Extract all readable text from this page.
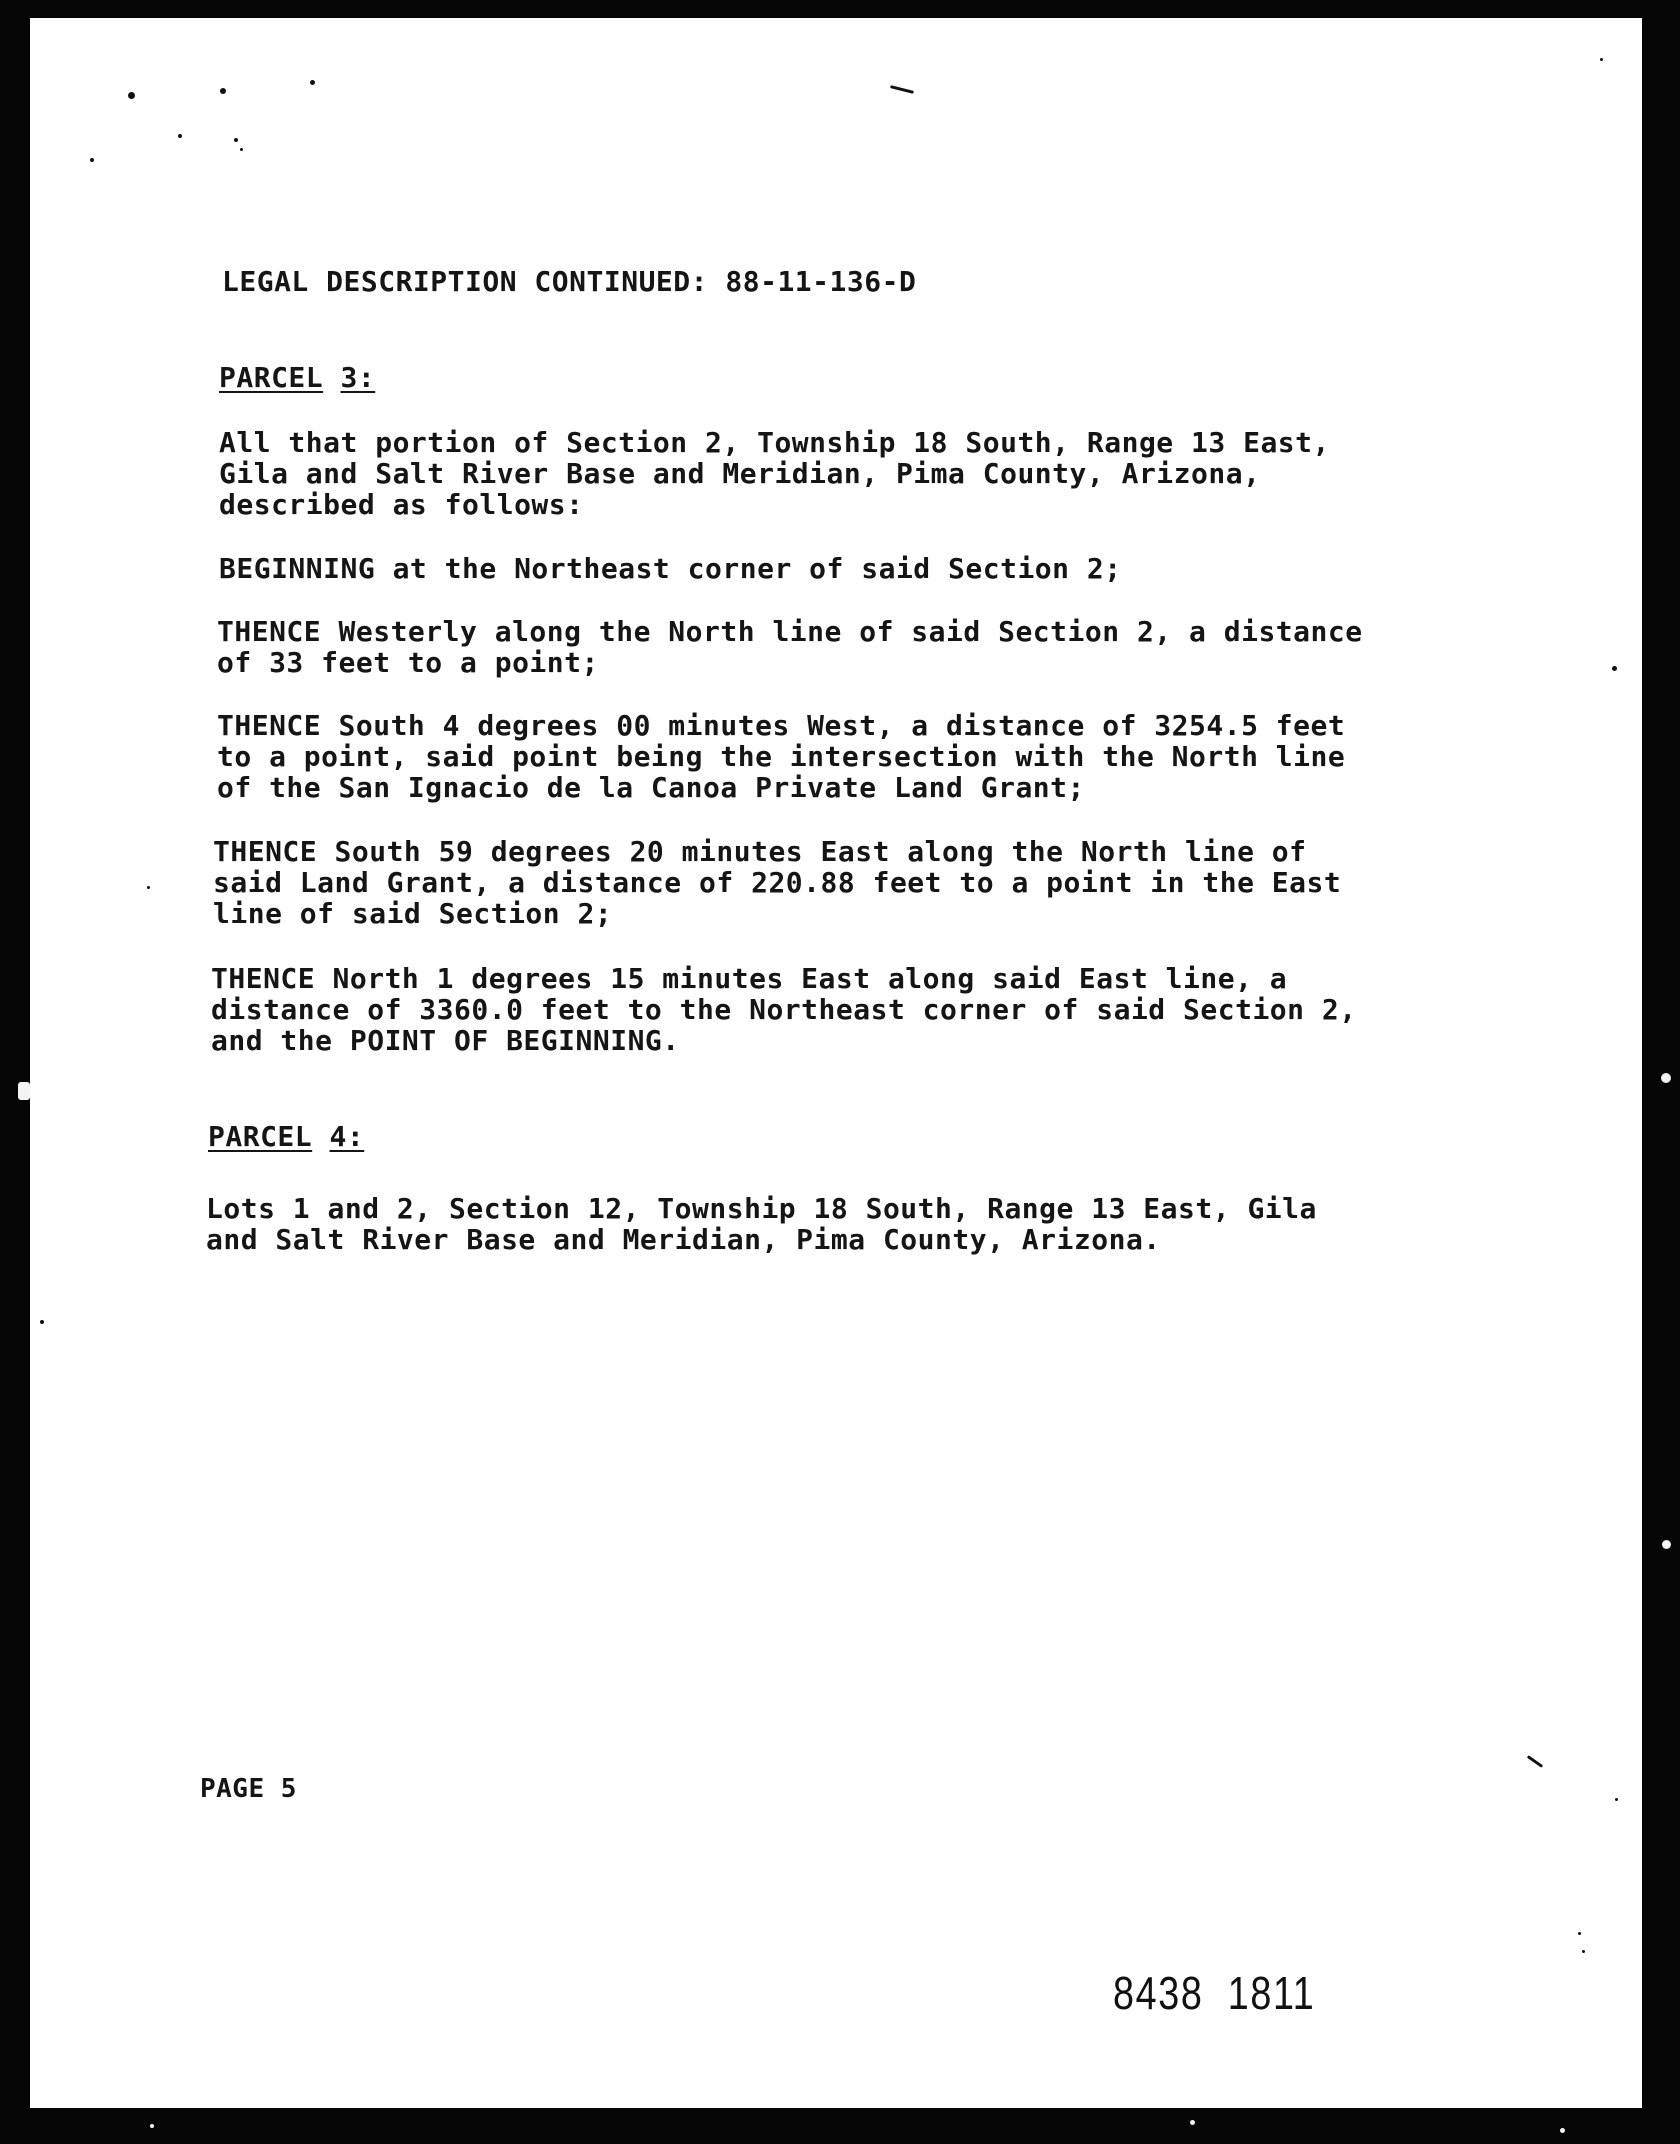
LEGAL DESCRIPTION CONTINUED: 88-11-136-D
PARCEL 3:
All that portion of Section 2, Township 18 South, Range 13 East,
Gila and Salt River Base and Meridian, Pima County, Arizona,
described as follows:
BEGINNING at the Northeast corner of said Section 2;
THENCE Westerly along the North line of said Section 2, a distance
of 33 feet to a point;
THENCE South 4 degrees 00 minutes West, a distance of 3254.5 feet
to a point, said point being the intersection with the North line
of the San Ignacio de la Canoa Private Land Grant;
THENCE South 59 degrees 20 minutes East along the North line of
said Land Grant, a distance of 220.88 feet to a point in the East
line of said Section 2;
THENCE North 1 degrees 15 minutes East along said East line, a
distance of 3360.0 feet to the Northeast corner of said Section 2,
and the POINT OF BEGINNING.
PARCEL 4:
Lots 1 and 2, Section 12, Township 18 South, Range 13 East, Gila
and Salt River Base and Meridian, Pima County, Arizona.
PAGE 5
8438  1811
